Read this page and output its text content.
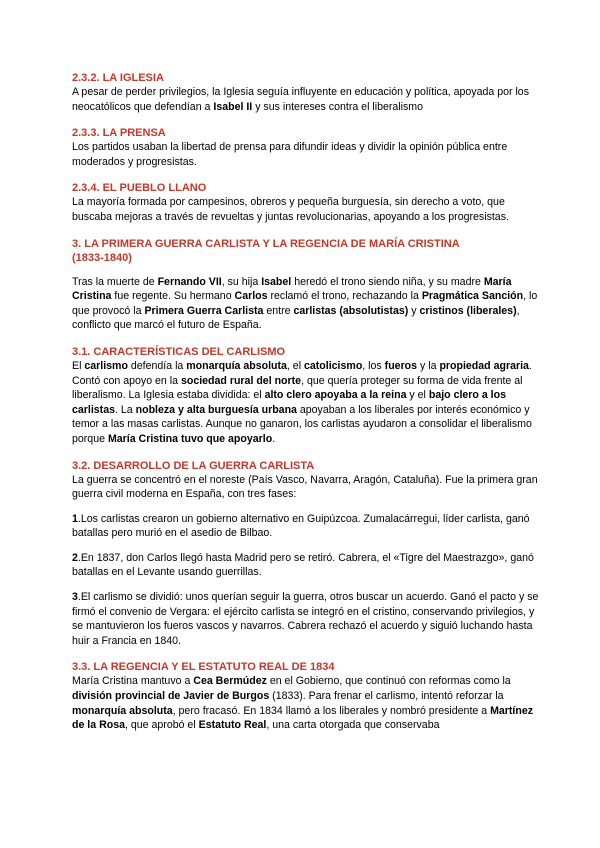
2.3.2. LA IGLESIA

A pesar de perder privilegios, la Iglesia seguía influyente en educación y política, apoyada por los neocatólicos que defendían a Isabel II y sus intereses contra el liberalismo

2.3.3. LA PRENSA

Los partidos usaban la libertad de prensa para difundir ideas y dividir la opinión pública entre moderados y progresistas.

2.3.4. EL PUEBLO LLANO

La mayoría formada por campesinos, obreros y pequeña burguesía, sin derecho a voto, que buscaba mejoras a través de revueltas y juntas revolucionarias, apoyando a los progresistas.

3. LA PRIMERA GUERRA CARLISTA Y LA REGENCIA DE MARÍA CRISTINA
(1833-1840)

Tras la muerte de Fernando VII, su hija Isabel heredó el trono siendo niña, y su madre María Cristina fue regente. Su hermano Carlos reclamó el trono, rechazando la Pragmática Sanción, lo que provocó la Primera Guerra Carlista entre carlistas (absolutistas) y cristinos (liberales), conflicto que marcó el futuro de España.

3.1. CARACTERÍSTICAS DEL CARLISMO

El carlismo defendía la monarquía absoluta, el catolicismo, los fueros y la propiedad agraria. Contó con apoyo en la sociedad rural del norte, que quería proteger su forma de vida frente al liberalismo. La Iglesia estaba dividida: el alto clero apoyaba a la reina y el bajo clero a los carlistas. La nobleza y alta burguesía urbana apoyaban a los liberales por interés económico y temor a las masas carlistas. Aunque no ganaron, los carlistas ayudaron a consolidar el liberalismo porque María Cristina tuvo que apoyarlo.

3.2. DESARROLLO DE LA GUERRA CARLISTA

La guerra se concentró en el noreste (País Vasco, Navarra, Aragón, Cataluña). Fue la primera gran guerra civil moderna en España, con tres fases:

1.Los carlistas crearon un gobierno alternativo en Guipúzcoa. Zumalacárregui, líder carlista, ganó batallas pero murió en el asedio de Bilbao.

2.En 1837, don Carlos llegó hasta Madrid pero se retiró. Cabrera, el «Tigre del Maestrazgo», ganó batallas en el Levante usando guerrillas.

3.El carlismo se dividió: unos querían seguir la guerra, otros buscar un acuerdo. Ganó el pacto y se firmó el convenio de Vergara: el ejército carlista se integró en el cristino, conservando privilegios, y se mantuvieron los fueros vascos y navarros. Cabrera rechazó el acuerdo y siguió luchando hasta huir a Francia en 1840.

3.3. LA REGENCIA Y EL ESTATUTO REAL DE 1834

María Cristina mantuvo a Cea Bermúdez en el Gobierno, que continuó con reformas como la división provincial de Javier de Burgos (1833). Para frenar el carlismo, intentó reforzar la monarquía absoluta, pero fracasó. En 1834 llamó a los liberales y nombró presidente a Martínez de la Rosa, que aprobó el Estatuto Real, una carta otorgada que conservaba
